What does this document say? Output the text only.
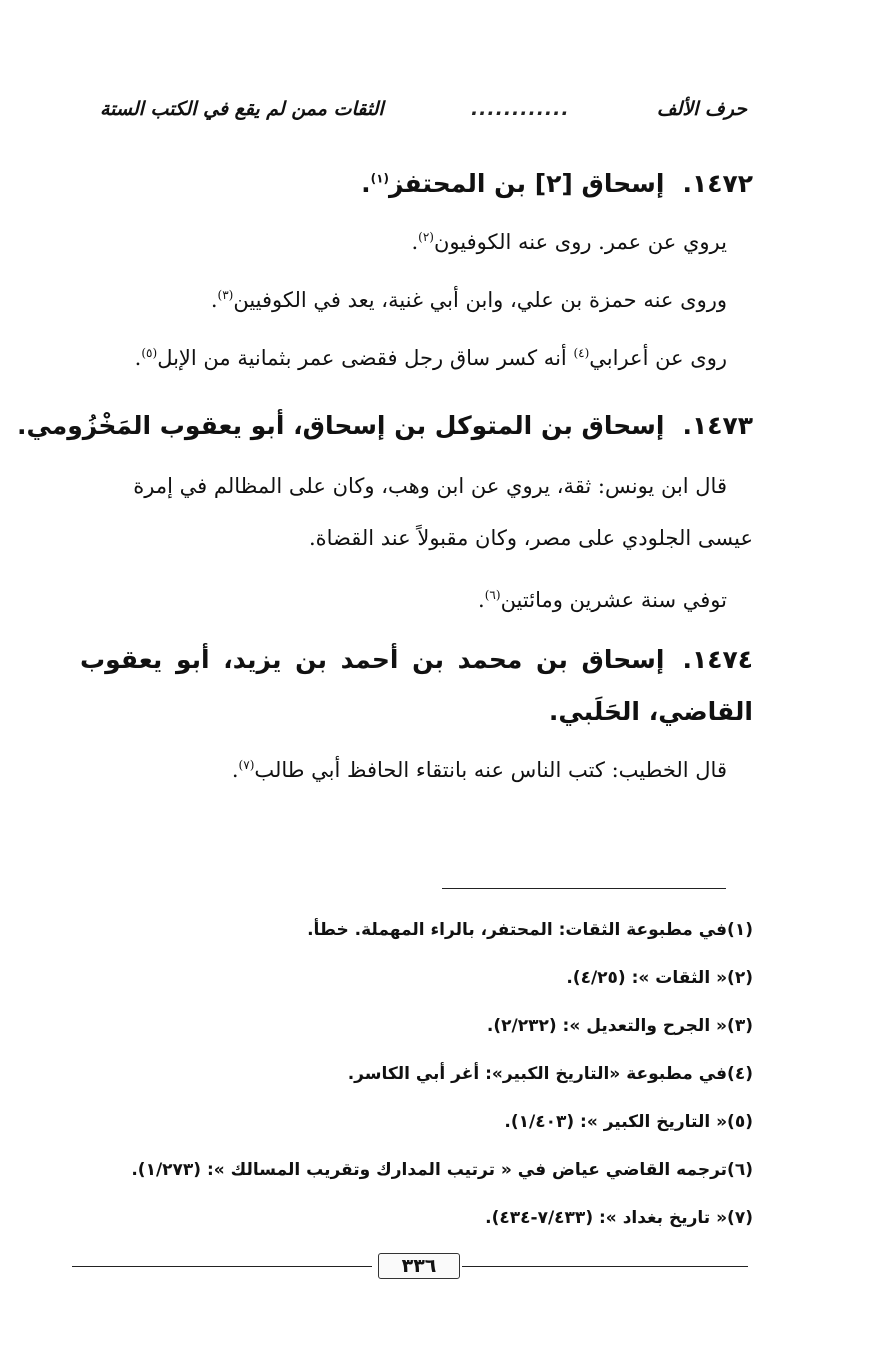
حرف الألف
............
الثقات ممن لم يقع في الكتب الستة
١٤٧٢.إسحاق [٢] بن المحتفز$^{(١)}$.
يروي عن عمر. روى عنه الكوفيون$^{(٢)}$.
وروى عنه حمزة بن علي، وابن أبي غنية، يعد في الكوفيين$^{(٣)}$.
روى عن أعرابي$^{(٤)}$ أنه كسر ساق رجل فقضى عمر بثمانية من الإبل$^{(٥)}$.
١٤٧٣.إسحاق بن المتوكل بن إسحاق، أبو يعقوب المَخْزُومي.
قال ابن يونس: ثقة، يروي عن ابن وهب، وكان على المظالم في إمرة عيسى الجلودي على مصر، وكان مقبولاً عند القضاة.
توفي سنة عشرين ومائتين$^{(٦)}$.
١٤٧٤.إسحاق بن محمد بن أحمد بن يزيد، أبو يعقوب القاضي، الحَلَبي.
قال الخطيب: كتب الناس عنه بانتقاء الحافظ أبي طالب$^{(٧)}$.
(١)في مطبوعة الثقات: المحتفر، بالراء المهملة. خطأ.
(٢)« الثقات »: (٤/٢٥).
(٣)« الجرح والتعديل »: (٢/٢٣٢).
(٤)في مطبوعة «التاريخ الكبير»: أغر أبي الكاسر.
(٥)« التاريخ الكبير »: (١/٤٠٣).
(٦)ترجمه القاضي عياض في « ترتيب المدارك وتقريب المسالك »: (١/٢٧٣).
(٧)« تاريخ بغداد »: (٧/٤٣٣-٤٣٤).
٣٣٦
